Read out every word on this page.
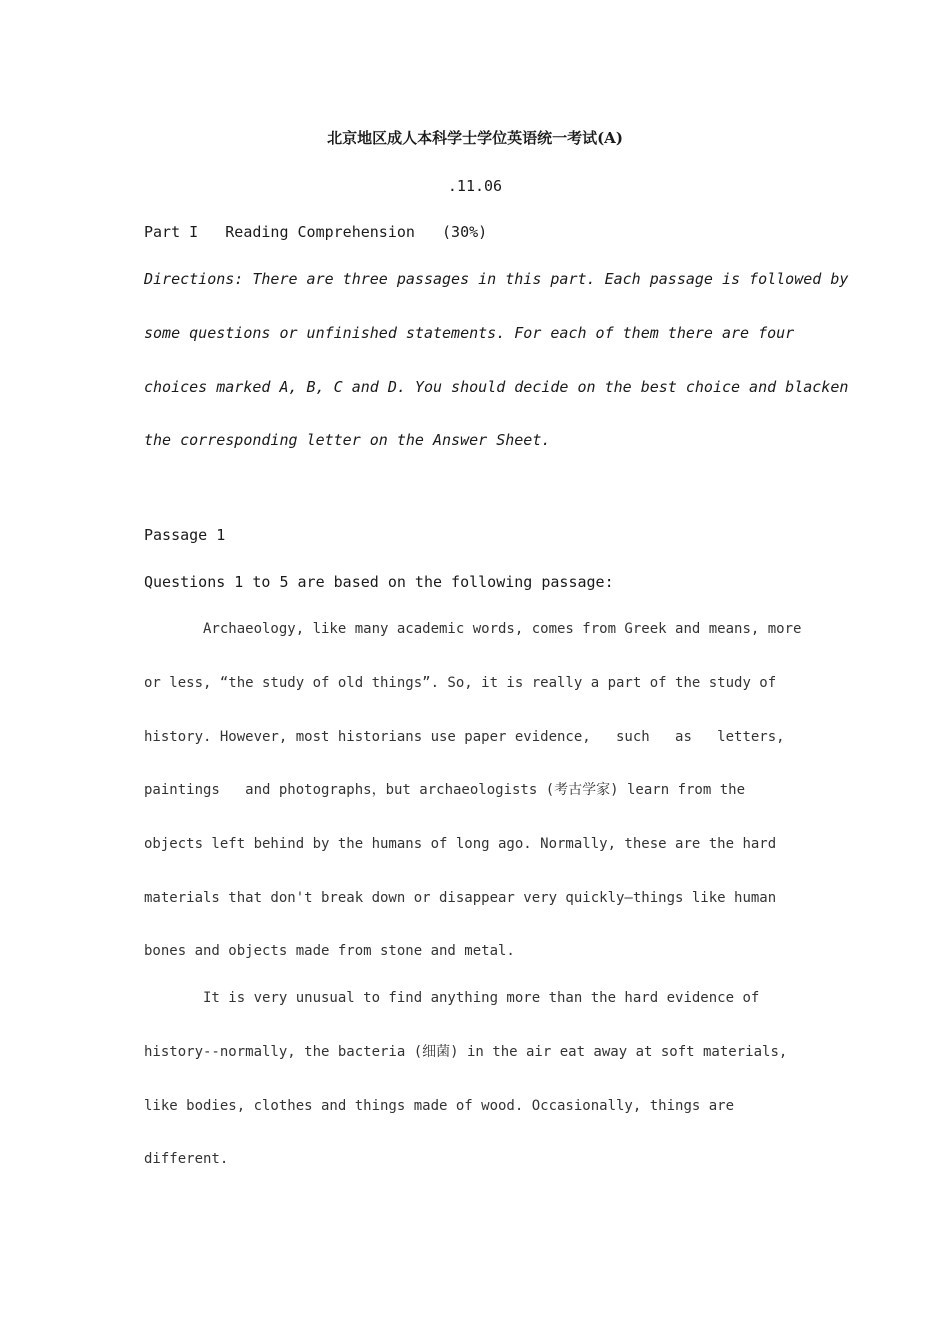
北京地区成人本科学士学位英语统一考试(A)
.11.06
Part I   Reading Comprehension   (30%)
Directions: There are three passages in this part. Each passage is followed by
some questions or unfinished statements. For each of them there are four
choices marked A, B, C and D. You should decide on the best choice and blacken
the corresponding letter on the Answer Sheet.
Passage 1
Questions 1 to 5 are based on the following passage:
Archaeology, like many academic words, comes from Greek and means, more
or less, “the study of old things”. So, it is really a part of the study of
history. However, most historians use paper evidence,   such   as   letters,
paintings   and photographs，but archaeologists (考古学家) learn from the
objects left behind by the humans of long ago. Normally, these are the hard
materials that don't break down or disappear very quickly—things like human
bones and objects made from stone and metal.
It is very unusual to find anything more than the hard evidence of
history--normally, the bacteria (细菌) in the air eat away at soft materials,
like bodies, clothes and things made of wood. Occasionally, things are
different.
